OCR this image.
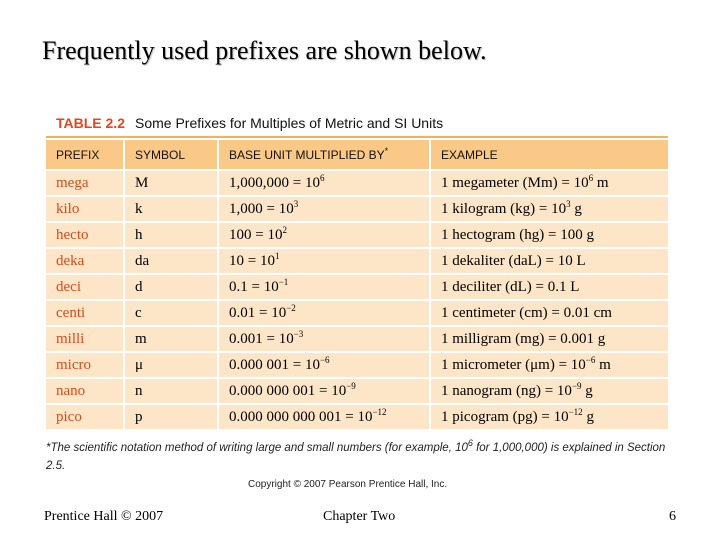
Frequently used prefixes are shown below.
TABLE 2.2 Some Prefixes for Multiples of Metric and SI Units
PREFIX	SYMBOL	BASE UNIT MULTIPLIED BY*	EXAMPLE
mega	M	$1,000,000 = 10^6$	1 megameter $(Mm) = 10^6$ m
kilo	k	$1,000 = 10^3$	1 kilogram $(kg) = 10^3$ g
hecto	h	$100 = 10^2$	1 hectogram (hg) = 100 g
deka	da	$10 = 10^1$	1 dekaliter (daL) = 10 L
deci	d	$0.1 = 10^{-1}$	1 deciliter (dL) = 0.1 L
centi	c	$0.01 = 10^{-2}$	1 centimeter (cm) = 0.01 cm
milli	m	$0.001 = 10^{-3}$	1 milligram (mg) = 0.001 g
micro	μ	0.000 $001 = 10^{-6}$	1 micrometer $(\mu m) = 10^{-6}$ m
nano	n	0.000 000 $001 = 10^{-9}$	1 nanogram $(ng) = 10^{-9}$ g
pico	p	0.000 000 000 $001 = 10^{-12}$	1 picogram $(pg) = 10^{-12}$ g
*The scientific notation method of writing large and small numbers (for example, $10^6$ for 1,000,000) is explained in Section 2.5.
Copyright © 2007 Pearson Prentice Hall, Inc.
Prentice Hall © 2007	Chapter Two	6
